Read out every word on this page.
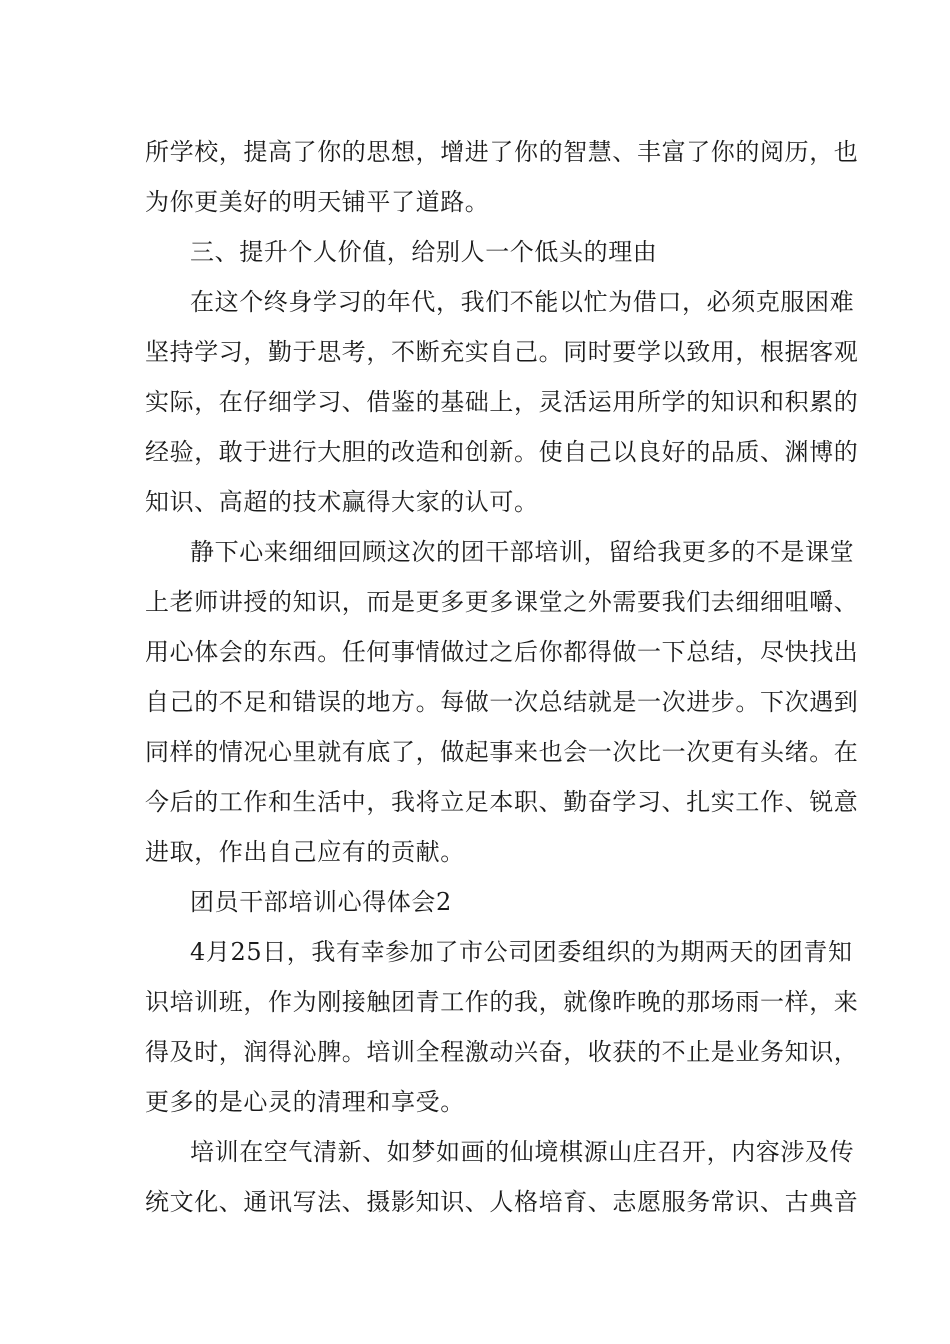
所学校，提高了你的思想，增进了你的智慧、丰富了你的阅历，也
为你更美好的明天铺平了道路。
三、提升个人价值，给别人一个低头的理由
在这个终身学习的年代，我们不能以忙为借口，必须克服困难
坚持学习，勤于思考，不断充实自己。同时要学以致用，根据客观
实际，在仔细学习、借鉴的基础上，灵活运用所学的知识和积累的
经验，敢于进行大胆的改造和创新。使自己以良好的品质、渊博的
知识、高超的技术赢得大家的认可。
静下心来细细回顾这次的团干部培训，留给我更多的不是课堂
上老师讲授的知识，而是更多更多课堂之外需要我们去细细咀嚼、
用心体会的东西。任何事情做过之后你都得做一下总结，尽快找出
自己的不足和错误的地方。每做一次总结就是一次进步。下次遇到
同样的情况心里就有底了，做起事来也会一次比一次更有头绪。在
今后的工作和生活中，我将立足本职、勤奋学习、扎实工作、锐意
进取，作出自己应有的贡献。
团员干部培训心得体会2
4月25日，我有幸参加了市公司团委组织的为期两天的团青知
识培训班，作为刚接触团青工作的我，就像昨晚的那场雨一样，来
得及时，润得沁脾。培训全程激动兴奋，收获的不止是业务知识，
更多的是心灵的清理和享受。
培训在空气清新、如梦如画的仙境棋源山庄召开，内容涉及传
统文化、通讯写法、摄影知识、人格培育、志愿服务常识、古典音
